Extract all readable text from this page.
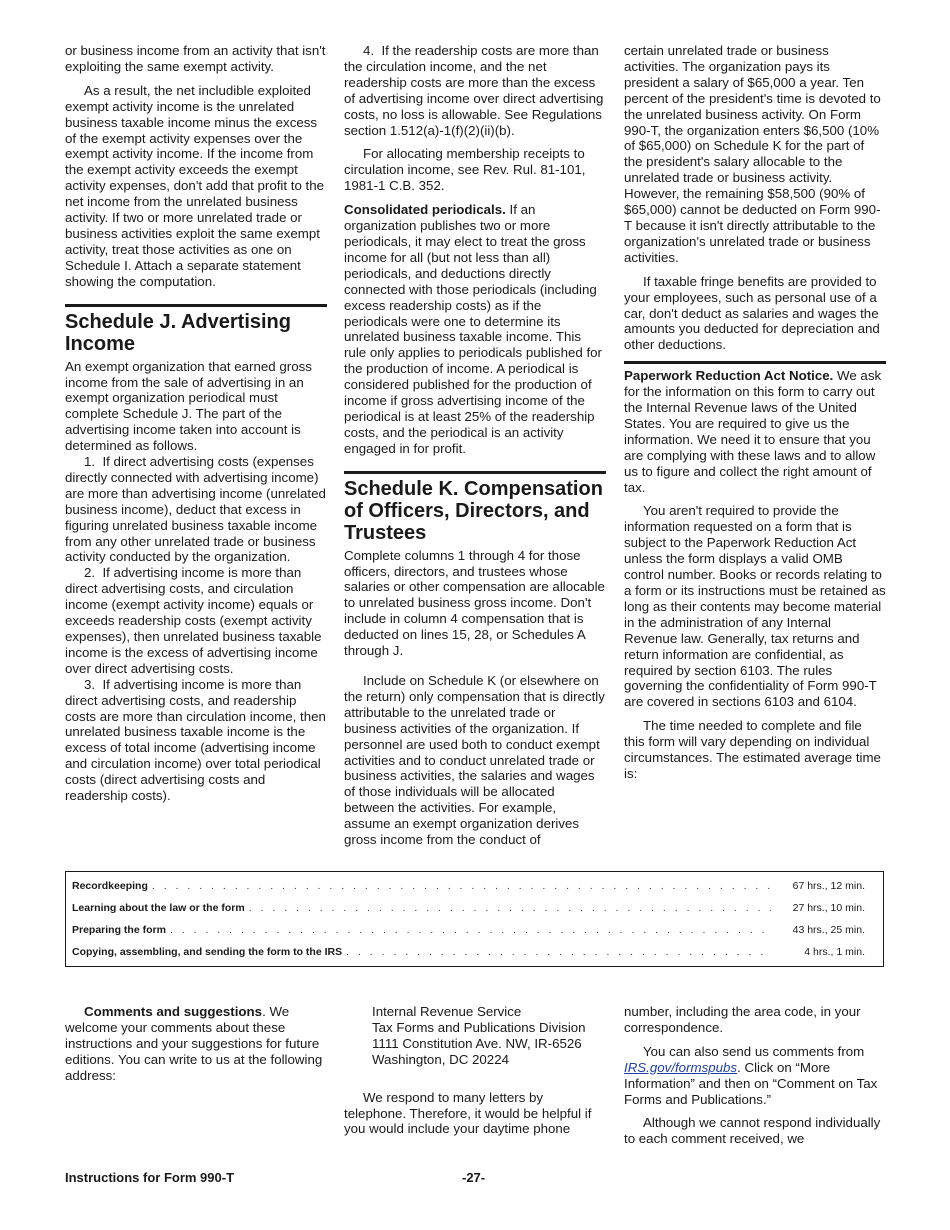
or business income from an activity that isn't exploiting the same exempt activity.

As a result, the net includible exploited exempt activity income is the unrelated business taxable income minus the excess of the exempt activity expenses over the exempt activity income. If the income from the exempt activity exceeds the exempt activity expenses, don't add that profit to the net income from the unrelated business activity. If two or more unrelated trade or business activities exploit the same exempt activity, treat those activities as one on Schedule I. Attach a separate statement showing the computation.

Schedule J. Advertising Income

An exempt organization that earned gross income from the sale of advertising in an exempt organization periodical must complete Schedule J. The part of the advertising income taken into account is determined as follows.

1.  If direct advertising costs (expenses directly connected with advertising income) are more than advertising income (unrelated business income), deduct that excess in figuring unrelated business taxable income from any other unrelated trade or business activity conducted by the organization.

2.  If advertising income is more than direct advertising costs, and circulation income (exempt activity income) equals or exceeds readership costs (exempt activity expenses), then unrelated business taxable income is the excess of advertising income over direct advertising costs.

3.  If advertising income is more than direct advertising costs, and readership costs are more than circulation income, then unrelated business taxable income is the excess of total income (advertising income and circulation income) over total periodical costs (direct advertising costs and readership costs).

4.  If the readership costs are more than the circulation income, and the net readership costs are more than the excess of advertising income over direct advertising costs, no loss is allowable. See Regulations section 1.512(a)-1(f)(2)(ii)(b).

For allocating membership receipts to circulation income, see Rev. Rul. 81-101, 1981-1 C.B. 352.

Consolidated periodicals. If an organization publishes two or more periodicals, it may elect to treat the gross income for all (but not less than all) periodicals, and deductions directly connected with those periodicals (including excess readership costs) as if the periodicals were one to determine its unrelated business taxable income. This rule only applies to periodicals published for the production of income. A periodical is considered published for the production of income if gross advertising income of the periodical is at least 25% of the readership costs, and the periodical is an activity engaged in for profit.

Schedule K. Compensation of Officers, Directors, and Trustees

Complete columns 1 through 4 for those officers, directors, and trustees whose salaries or other compensation are allocable to unrelated business gross income. Don't include in column 4 compensation that is deducted on lines 15, 28, or Schedules A through J.

Include on Schedule K (or elsewhere on the return) only compensation that is directly attributable to the unrelated trade or business activities of the organization. If personnel are used both to conduct exempt activities and to conduct unrelated trade or business activities, the salaries and wages of those individuals will be allocated between the activities. For example, assume an exempt organization derives gross income from the conduct of

certain unrelated trade or business activities. The organization pays its president a salary of $65,000 a year. Ten percent of the president's time is devoted to the unrelated business activity. On Form 990-T, the organization enters $6,500 (10% of $65,000) on Schedule K for the part of the president's salary allocable to the unrelated trade or business activity. However, the remaining $58,500 (90% of $65,000) cannot be deducted on Form 990-T because it isn't directly attributable to the organization's unrelated trade or business activities.

If taxable fringe benefits are provided to your employees, such as personal use of a car, don't deduct as salaries and wages the amounts you deducted for depreciation and other deductions.

Paperwork Reduction Act Notice. We ask for the information on this form to carry out the Internal Revenue laws of the United States. You are required to give us the information. We need it to ensure that you are complying with these laws and to allow us to figure and collect the right amount of tax.

You aren't required to provide the information requested on a form that is subject to the Paperwork Reduction Act unless the form displays a valid OMB control number. Books or records relating to a form or its instructions must be retained as long as their contents may become material in the administration of any Internal Revenue law. Generally, tax returns and return information are confidential, as required by section 6103. The rules governing the confidentiality of Form 990-T are covered in sections 6103 and 6104.

The time needed to complete and file this form will vary depending on individual circumstances. The estimated average time is:

Recordkeeping . . .	67 hrs., 12 min.
Learning about the law or the form . . .	27 hrs., 10 min.
Preparing the form . . .	43 hrs., 25 min.
Copying, assembling, and sending the form to the IRS . . .	4 hrs., 1 min.

Comments and suggestions. We welcome your comments about these instructions and your suggestions for future editions. You can write to us at the following address:

Internal Revenue Service
Tax Forms and Publications Division
1111 Constitution Ave. NW, IR-6526
Washington, DC 20224

We respond to many letters by telephone. Therefore, it would be helpful if you would include your daytime phone

number, including the area code, in your correspondence.

You can also send us comments from IRS.gov/formspubs. Click on “More Information” and then on “Comment on Tax Forms and Publications.”

Although we cannot respond individually to each comment received, we

Instructions for Form 990-T	-27-
